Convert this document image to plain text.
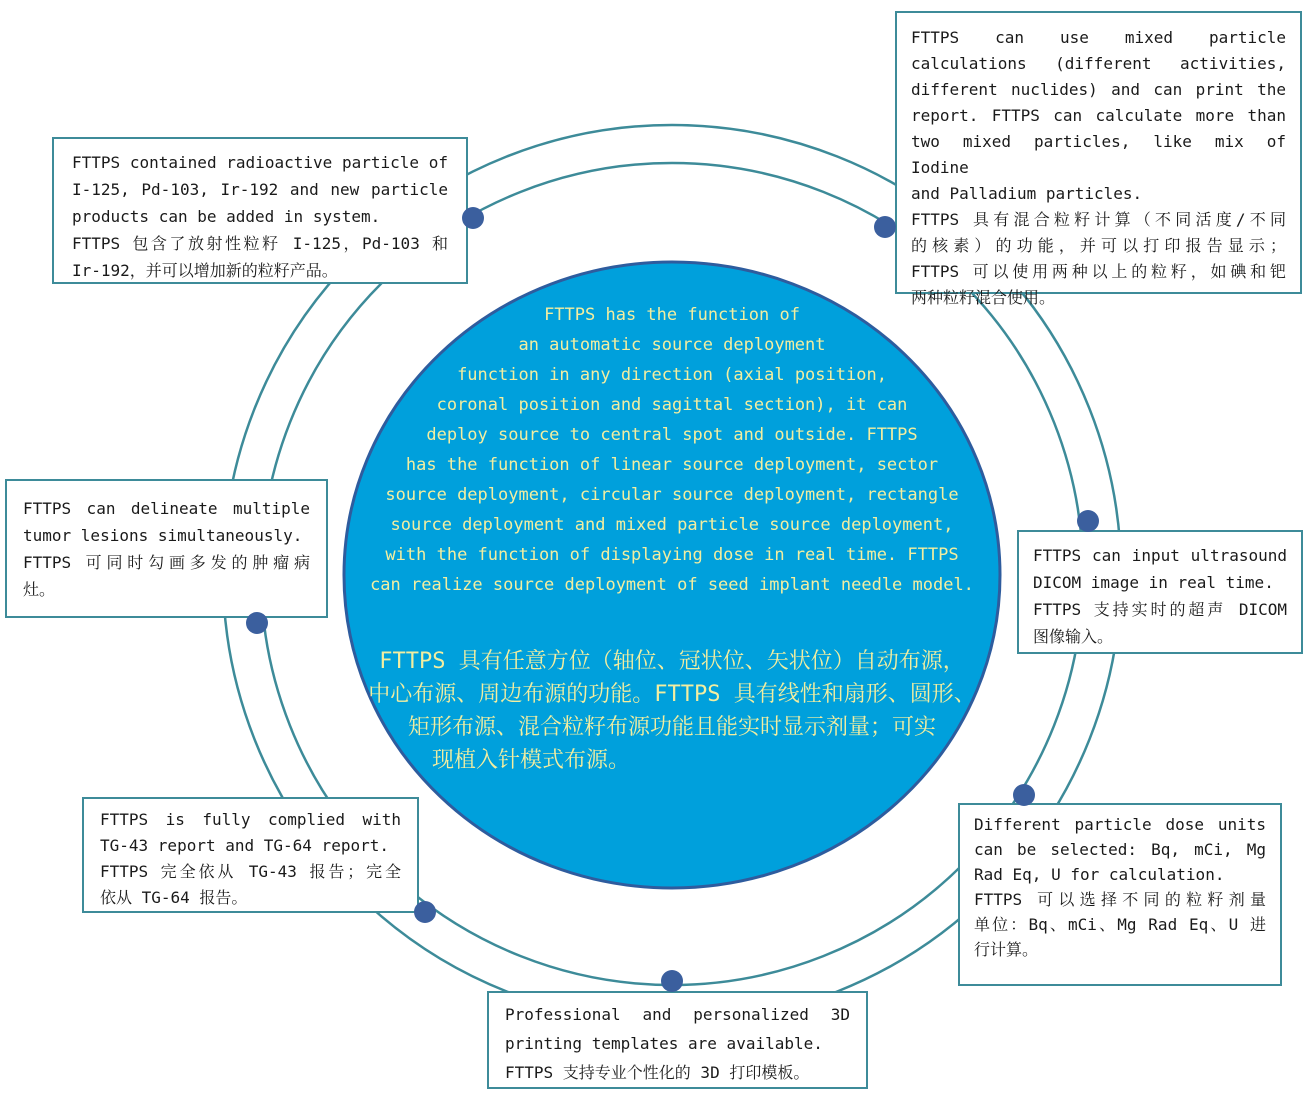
FTTPS contained radioactive particle of
I-125, Pd-103, Ir-192 and new particle
products can be added in system.
FTTPS 包含了放射性粒籽 I-125，Pd-103 和
Ir-192，并可以增加新的粒籽产品。
FTTPS can use mixed particle
calculations (different activities,
different nuclides) and can print the
report. FTTPS can calculate more than
two mixed particles, like mix of Iodine
and Palladium particles.
FTTPS 具有混合粒籽计算（不同活度/不同
的核素）的功能，并可以打印报告显示；
FTTPS 可以使用两种以上的粒籽，如碘和钯
两种粒籽混合使用。
FTTPS can delineate multiple
tumor lesions simultaneously.
FTTPS 可同时勾画多发的肿瘤病
灶。
FTTPS can input ultrasound
DICOM image in real time.
FTTPS 支持实时的超声 DICOM
图像输入。
FTTPS is fully complied with
TG-43 report and TG-64 report.
FTTPS 完全依从 TG-43 报告；完全
依从 TG-64 报告。
Different particle dose units
can be selected: Bq, mCi, Mg
Rad Eq, U for calculation.
FTTPS 可以选择不同的粒籽剂量
单位：Bq、mCi、Mg Rad Eq、U 进
行计算。
Professional and personalized 3D
printing templates are available.
FTTPS 支持专业个性化的 3D 打印模板。
FTTPS has the function of
an automatic source deployment
function in any direction (axial position,
coronal position and sagittal section), it can
deploy source to central spot and outside. FTTPS
has the function of linear source deployment, sector
source deployment, circular source deployment, rectangle
source deployment and mixed particle source deployment,
with the function of displaying dose in real time. FTTPS
can realize source deployment of seed implant needle model.
FTTPS 具有任意方位（轴位、冠状位、矢状位）自动布源，
中心布源、周边布源的功能。FTTPS 具有线性和扇形、圆形、
矩形布源、混合粒籽布源功能且能实时显示剂量；可实
现植入针模式布源。
